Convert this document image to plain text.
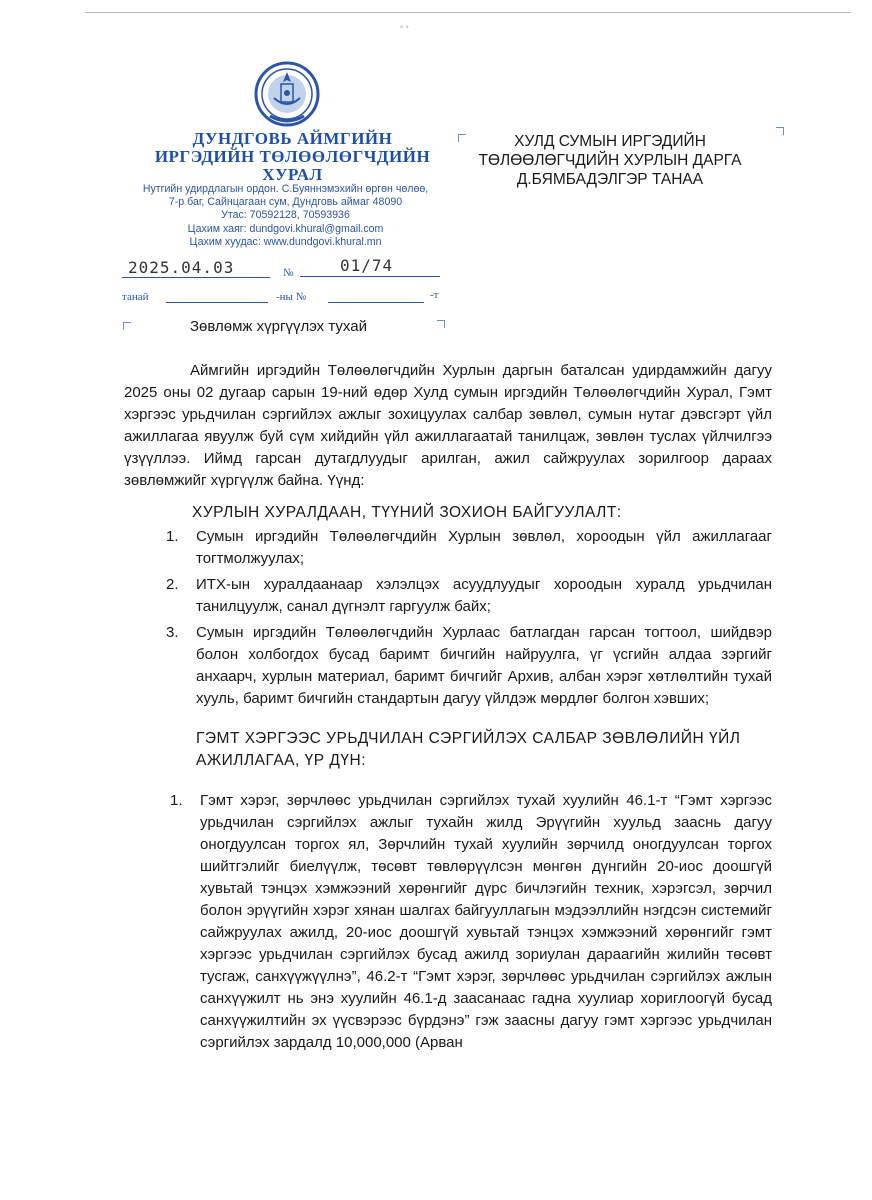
• •
ДУНДГОВЬ АЙМГИЙН
ИРГЭДИЙН ТӨЛӨӨЛӨГЧДИЙН
ХУРАЛ
Нутгийн удирдлагын ордон. С.Буяннэмэхийн өргөн чөлөө,
7-р баг, Сайнцагаан сум, Дундговь аймаг 48090
Утас: 70592128, 70593936
Цахим хаяг: dundgovi.khural@gmail.com
Цахим хуудас: www.dundgovi.khural.mn
2025.04.03	№	01/74
танай	-ны №	-т
ХУЛД СУМЫН ИРГЭДИЙН
ТӨЛӨӨЛӨГЧДИЙН ХУРЛЫН ДАРГА
Д.БЯМБАДЭЛГЭР ТАНАА
Зөвлөмж хүргүүлэх тухай
Аймгийн иргэдийн Төлөөлөгчдийн Хурлын даргын баталсан удирдамжийн дагуу 2025 оны 02 дугаар сарын 19-ний өдөр Хулд сумын иргэдийн Төлөөлөгчдийн Хурал, Гэмт хэргээс урьдчилан сэргийлэх ажлыг зохицуулах салбар зөвлөл, сумын нутаг дэвсгэрт үйл ажиллагаа явуулж буй сүм хийдийн үйл ажиллагаатай танилцаж, зөвлөн туслах үйлчилгээ үзүүллээ. Иймд гарсан дутагдлуудыг арилган, ажил сайжруулах зорилгоор дараах зөвлөмжийг хүргүүлж байна. Үүнд:
ХУРЛЫН ХУРАЛДААН, ТҮҮНИЙ ЗОХИОН БАЙГУУЛАЛТ:
1. Сумын иргэдийн Төлөөлөгчдийн Хурлын зөвлөл, хороодын үйл ажиллагааг тогтмолжуулах;
2. ИТХ-ын хуралдаанаар хэлэлцэх асуудлуудыг хороодын хуралд урьдчилан танилцуулж, санал дүгнэлт гаргуулж байх;
3. Сумын иргэдийн Төлөөлөгчдийн Хурлаас батлагдан гарсан тогтоол, шийдвэр болон холбогдох бусад баримт бичгийн найруулга, үг үсгийн алдаа зэргийг анхаарч, хурлын материал, баримт бичгийг Архив, албан хэрэг хөтлөлтийн тухай хууль, баримт бичгийн стандартын дагуу үйлдэж мөрдлөг болгон хэвших;
ГЭМТ ХЭРГЭЭС УРЬДЧИЛАН СЭРГИЙЛЭХ САЛБАР ЗӨВЛӨЛИЙН ҮЙЛ
АЖИЛЛАГАА, ҮР ДҮН:
1. Гэмт хэрэг, зөрчлөөс урьдчилан сэргийлэх тухай хуулийн 46.1-т “Гэмт хэргээс урьдчилан сэргийлэх ажлыг тухайн жилд Эрүүгийн хуульд зааснь дагуу оногдуулсан торгох ял, Зөрчлийн тухай хуулийн зөрчилд оногдуулсан торгох шийтгэлийг биелүүлж, төсөвт төвлөрүүлсэн мөнгөн дүнгийн 20-иос доошгүй хувьтай тэнцэх хэмжээний хөрөнгийг дүрс бичлэгийн техник, хэрэгсэл, зөрчил болон эрүүгийн хэрэг хянан шалгах байгууллагын мэдээллийн нэгдсэн системийг сайжруулах ажилд, 20-иос доошгүй хувьтай тэнцэх хэмжээний хөрөнгийг гэмт хэргээс урьдчилан сэргийлэх бусад ажилд зориулан дараагийн жилийн төсөвт тусгаж, санхүүжүүлнэ”, 46.2-т “Гэмт хэрэг, зөрчлөөс урьдчилан сэргийлэх ажлын санхүүжилт нь энэ хуулийн 46.1-д заасанаас гадна хуулиар хориглоогүй бусад санхүүжилтийн эх үүсвэрээс бүрдэнэ” гэж заасны дагуу гэмт хэргээс урьдчилан сэргийлэх зардалд 10,000,000 (Арван
